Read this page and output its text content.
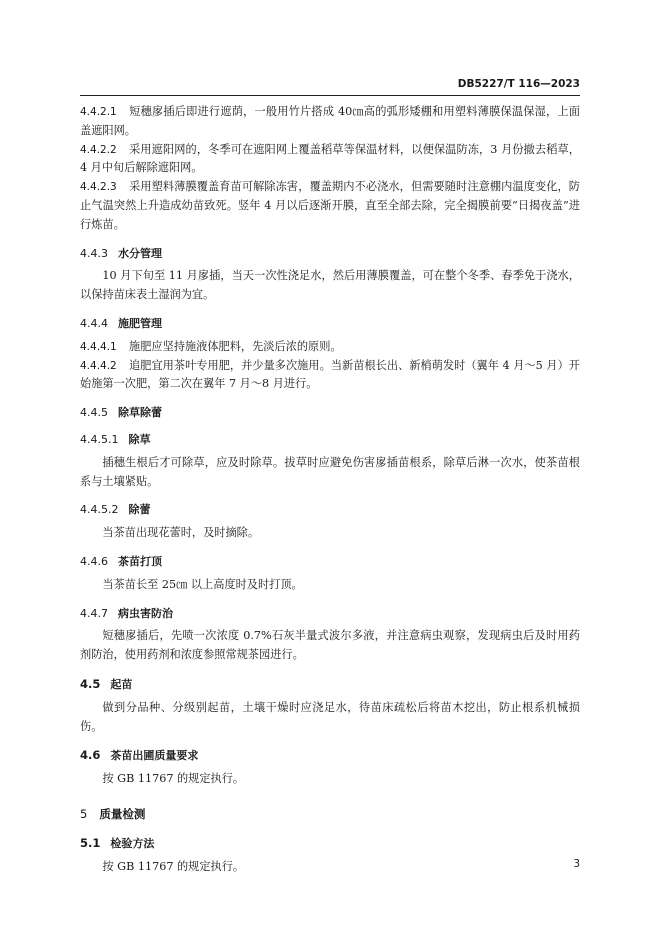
DB5227/T 116—2023
4.4.2.1 短穗扅插后即进行遮荫，一般用竹片搭成 40㎝高的弧形矮棚和用塑料薄膜保温保湿，上面盖遮阳网。
4.4.2.2 采用遮阳网的，冬季可在遮阳网上覆盖稻草等保温材料，以便保温防冻，3 月份撤去稻草，4 月中旬后解除遮阳网。
4.4.2.3 采用塑料薄膜覆盖育苗可解除冻害，覆盖期内不必浇水，但需要随时注意棚内温度变化，防止气温突然上升造成幼苗致死。竖年 4 月以后逐渐开膜，直至全部去除，完全揭膜前要“日揭夜盖”进行炼苗。
4.4.3 水分管理
10 月下旬至 11 月扅插，当天一次性浇足水，然后用薄膜覆盖，可在整个冬季、春季免于浇水，以保持苗床表土湿润为宜。
4.4.4 施肥管理
4.4.4.1 施肥应坚持施液体肥料，先淡后浓的原则。
4.4.4.2 追肥宜用茶叶专用肥，并少量多次施用。当新苗根长出、新梢萌发时（翼年 4 月～5 月）开始施第一次肥，第二次在翼年 7 月～8 月进行。
4.4.5 除草除蕾
4.4.5.1 除草
插穗生根后才可除草，应及时除草。拔草时应避免伤害扅插苗根系，除草后淋一次水，使茶苗根系与土壤紧贴。
4.4.5.2 除蕾
当茶苗出现花蕾时，及时摘除。
4.4.6 茶苗打顶
当茶苗长至 25㎝ 以上高度时及时打顶。
4.4.7 病虫害防治
短穗扅插后，先喷一次浓度 0.7%石灰半量式波尔多液，并注意病虫观察，发现病虫后及时用药剂防治，使用药剂和浓度参照常规茶园进行。
4.5 起苗
做到分品种、分级别起苗，土壤干燥时应浇足水，待苗床疏松后将苗木挖出，防止根系机械损伤。
4.6 茶苗出圃质量要求
按 GB 11767 的规定执行。
5 质量检测
5.1 检验方法
按 GB 11767 的规定执行。	3
